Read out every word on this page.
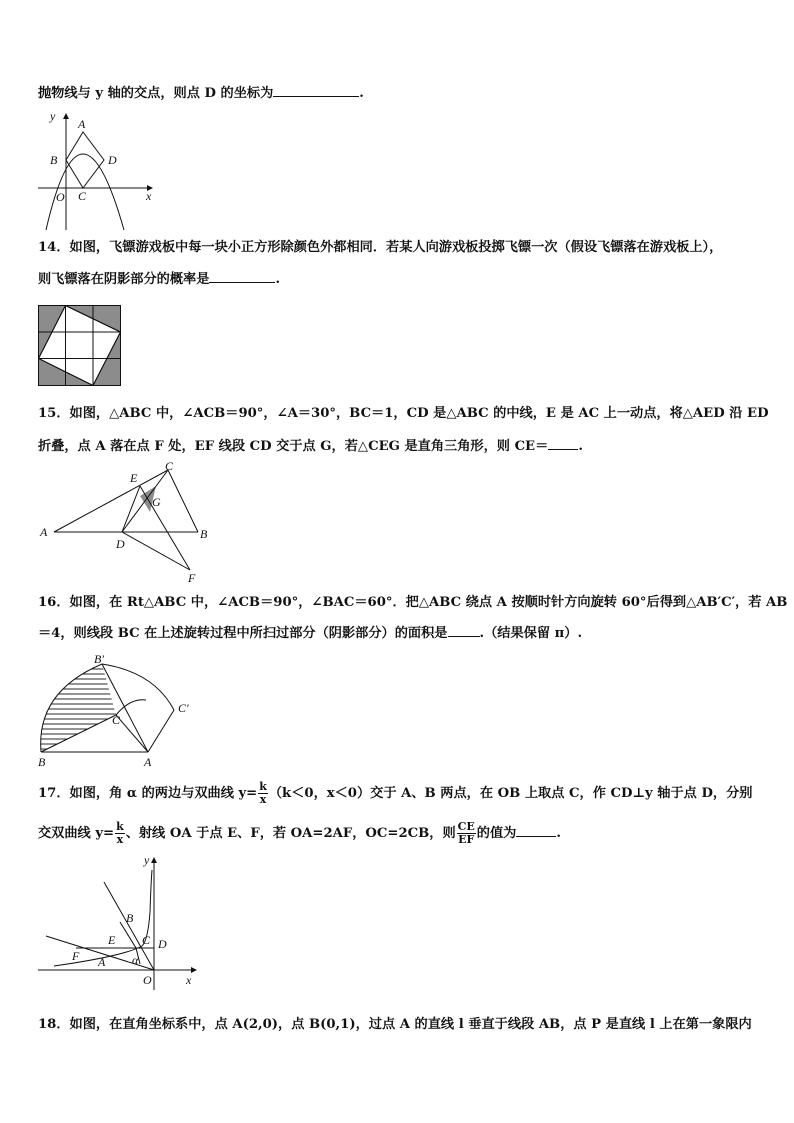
抛物线与 y 轴的交点，则点 D 的坐标为	.
y
x
O
A
B
C
D
14．如图，飞镖游戏板中每一块小正方形除颜色外都相同．若某人向游戏板投掷飞镖一次（假设飞镖落在游戏板上），
则飞镖落在阴影部分的概率是	.
15．如图，△ABC 中，∠ACB＝90°，∠A＝30°，BC＝1，CD 是△ABC 的中线，E 是 AC 上一动点，将△AED 沿 ED
折叠，点 A 落在点 F 处，EF 线段 CD 交于点 G，若△CEG 是直角三角形，则 CE＝ .
A	B
C
D
E
F
G
16．如图，在 Rt△ABC 中，∠ACB＝90°，∠BAC＝60°．把△ABC 绕点 A 按顺时针方向旋转 60°后得到△AB′C′，若 AB
＝4，则线段 BC 在上述旋转过程中所扫过部分（阴影部分）的面积是 .（结果保留 π）.
B′
C′
C
A
B
17．如图，角 α 的两边与双曲线 $y= \frac{k}{x} (k<0$，x＜0）交于 A、B 两点，在 OB 上取点 C，作 CD⊥y 轴于点 D，分别
交双曲线 $y= \frac{k}{x}$ 、射线 OA 于点 E、F，若 OA=2AF，OC=2CB，则 $\frac{CE}{EF}$ 的值为	.
y
x
O
A
B
C D
E
F	α
18．如图，在直角坐标系中，点 A(2,0)，点 B(0,1)，过点 A 的直线 l 垂直于线段 AB，点 P 是直线 l 上在第一象限内
